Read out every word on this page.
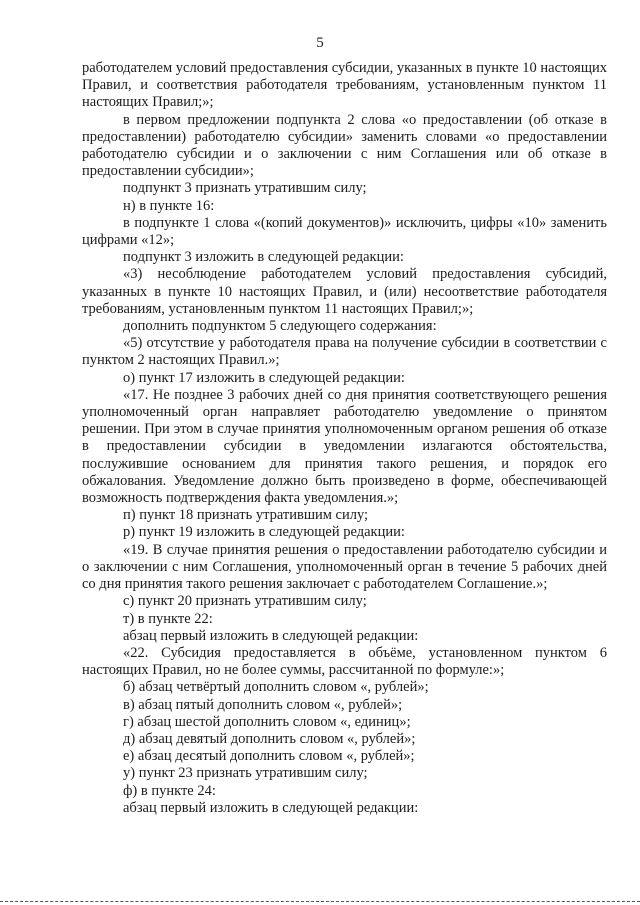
5

работодателем условий предоставления субсидии, указанных в пункте 10 настоящих Правил, и соответствия работодателя требованиям, установленным пунктом 11 настоящих Правил;»;

в первом предложении подпункта 2 слова «о предоставлении (об отказе в предоставлении) работодателю субсидии» заменить словами «о предоставлении работодателю субсидии и о заключении с ним Соглашения или об отказе в предоставлении субсидии»;

подпункт 3 признать утратившим силу;

н) в пункте 16:

в подпункте 1 слова «(копий документов)» исключить, цифры «10» заменить цифрами «12»;

подпункт 3 изложить в следующей редакции:

«3) несоблюдение работодателем условий предоставления субсидий, указанных в пункте 10 настоящих Правил, и (или) несоответствие работодателя требованиям, установленным пунктом 11 настоящих Правил;»;

дополнить подпунктом 5 следующего содержания:

«5) отсутствие у работодателя права на получение субсидии в соответствии с пунктом 2 настоящих Правил.»;

о) пункт 17 изложить в следующей редакции:

«17. Не позднее 3 рабочих дней со дня принятия соответствующего решения уполномоченный орган направляет работодателю уведомление о принятом решении. При этом в случае принятия уполномоченным органом решения об отказе в предоставлении субсидии в уведомлении излагаются обстоятельства, послужившие основанием для принятия такого решения, и порядок его обжалования. Уведомление должно быть произведено в форме, обеспечивающей возможность подтверждения факта уведомления.»;

п) пункт 18 признать утратившим силу;

р) пункт 19 изложить в следующей редакции:

«19. В случае принятия решения о предоставлении работодателю субсидии и о заключении с ним Соглашения, уполномоченный орган в течение 5 рабочих дней со дня принятия такого решения заключает с работодателем Соглашение.»;

с) пункт 20 признать утратившим силу;

т) в пункте 22:

абзац первый изложить в следующей редакции:

«22. Субсидия предоставляется в объёме, установленном пунктом 6 настоящих Правил, но не более суммы, рассчитанной по формуле:»;

б) абзац четвёртый дополнить словом «, рублей»;

в) абзац пятый дополнить словом «, рублей»;

г) абзац шестой дополнить словом «, единиц»;

д) абзац девятый дополнить словом «, рублей»;

е) абзац десятый дополнить словом «, рублей»;

у) пункт 23 признать утратившим силу;

ф) в пункте 24:

абзац первый изложить в следующей редакции:
